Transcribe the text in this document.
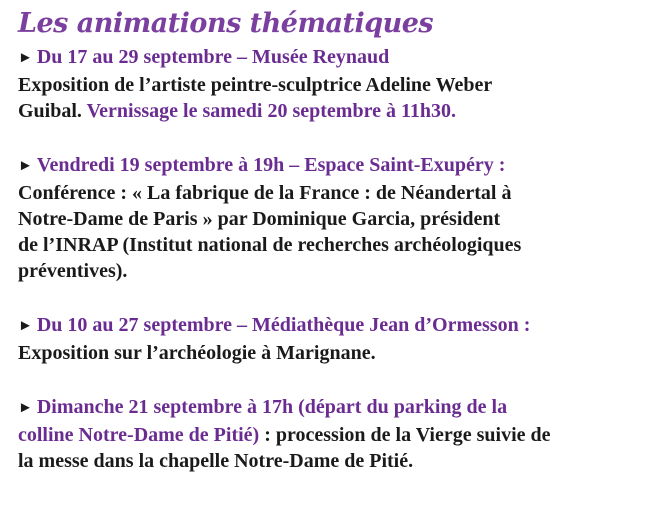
Les animations thématiques
► Du 17 au 29 septembre – Musée Reynaud
Exposition de l’artiste peintre-sculptrice Adeline Weber
Guibal. Vernissage le samedi 20 septembre à 11h30.
► Vendredi 19 septembre à 19h – Espace Saint-Exupéry :
Conférence : « La fabrique de la France : de Néandertal à
Notre-Dame de Paris » par Dominique Garcia, président
de l’INRAP (Institut national de recherches archéologiques
préventives).
► Du 10 au 27 septembre – Médiathèque Jean d’Ormesson :
Exposition sur l’archéologie à Marignane.
► Dimanche 21 septembre à 17h (départ du parking de la
colline Notre-Dame de Pitié) : procession de la Vierge suivie de
la messe dans la chapelle Notre-Dame de Pitié.
